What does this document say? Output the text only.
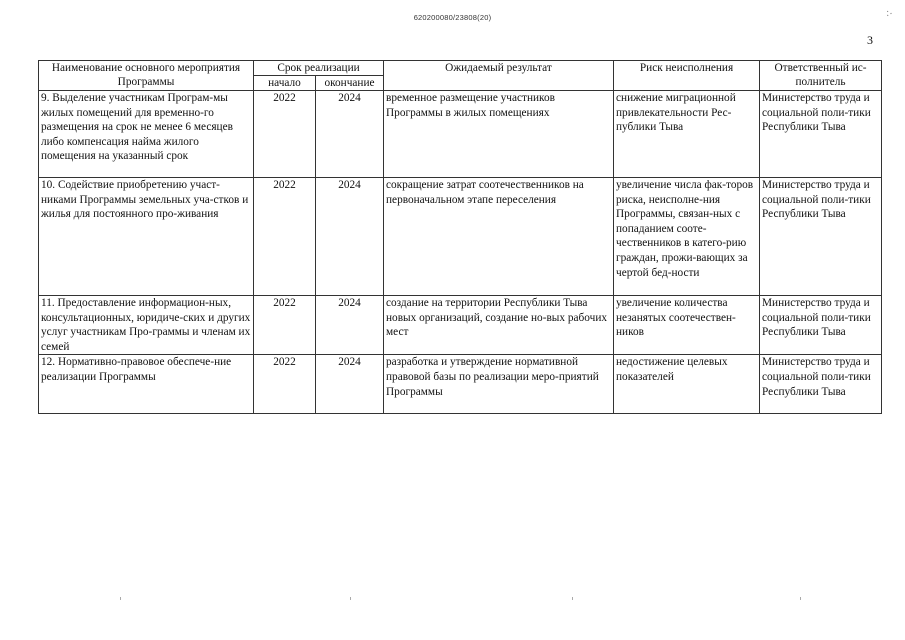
620200080/23808(20)
3
∴
Наименование основного мероприятия Программы	Срок реализации		Ожидаемый результат	Риск неисполнения	Ответственный ис-полнитель
	начало	окончание			
9. Выделение участникам Програм-мы жилых помещений для временно-го размещения на срок не менее 6 месяцев либо компенсация найма жилого помещения на указанный срок	2022	2024	временное размещение участников Программы в жилых помещениях	снижение миграционной привлекательности Рес-публики Тыва	Министерство труда и социальной поли-тики Республики Тыва
10. Содействие приобретению участ-никами Программы земельных уча-стков и жилья для постоянного про-живания	2022	2024	сокращение затрат соотечественников на первоначальном этапе переселения	увеличение числа фак-торов риска, неисполне-ния Программы, связан-ных с попаданием сооте-чественников в катего-рию граждан, прожи-вающих за чертой бед-ности	Министерство труда и социальной поли-тики Республики Тыва
11. Предоставление информацион-ных, консультационных, юридиче-ских и других услуг участникам Про-граммы и членам их семей	2022	2024	создание на территории Республики Тыва новых организаций, создание но-вых рабочих мест	увеличение количества незанятых соотечествен-ников	Министерство труда и социальной поли-тики Республики Тыва
12. Нормативно-правовое обеспече-ние реализации Программы	2022	2024	разработка и утверждение нормативной правовой базы по реализации меро-приятий Программы	недостижение целевых показателей	Министерство труда и социальной поли-тики Республики Тыва
